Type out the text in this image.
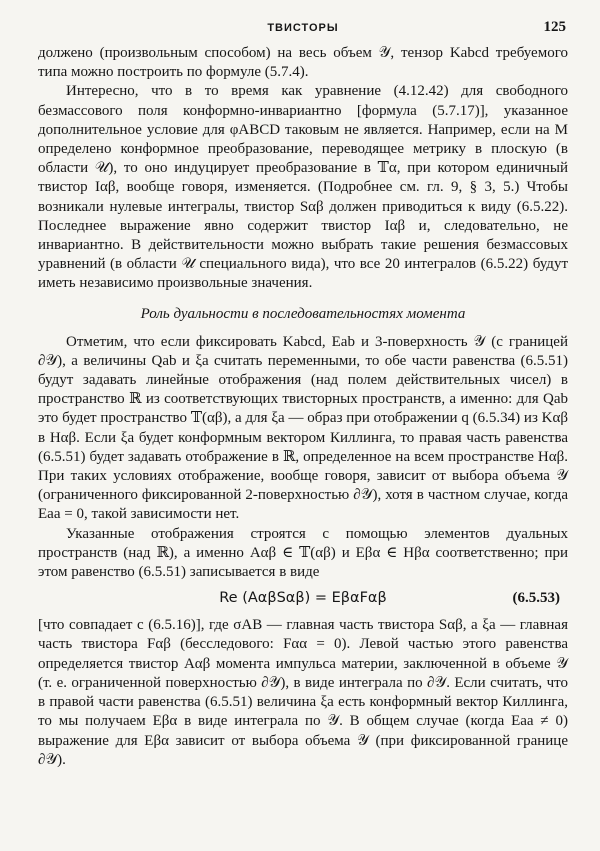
ТВИСТОРЫ	125

должено (произвольным способом) на весь объем 𝒴, тензор Kabcd требуемого типа можно построить по формуле (5.7.4).

Интересно, что в то время как уравнение (4.12.42) для свободного безмассового поля конформно-инвариантно [формула (5.7.17)], указанное дополнительное условие для φABCD таковым не является. Например, если на M определено конформное преобразование, переводящее метрику в плоскую (в области 𝒰), то оно индуцирует преобразование в 𝕋α, при котором единичный твистор Iαβ, вообще говоря, изменяется. (Подробнее см. гл. 9, § 3, 5.) Чтобы возникали нулевые интегралы, твистор Sαβ должен приводиться к виду (6.5.22). Последнее выражение явно содержит твистор Iαβ и, следовательно, не инвариантно. В действительности можно выбрать такие решения безмассовых уравнений (в области 𝒰 специального вида), что все 20 интегралов (6.5.22) будут иметь независимо произвольные значения.

Роль дуальности в последовательностях момента

Отметим, что если фиксировать Kabcd, Eab и 3-поверхность 𝒴 (с границей ∂𝒴), а величины Qab и ξa считать переменными, то обе части равенства (6.5.51) будут задавать линейные отображения (над полем действительных чисел) в пространство ℝ из соответствующих твисторных пространств, а именно: для Qab это будет пространство 𝕋(αβ), а для ξa — образ при отображении q (6.5.34) из Kαβ в Hαβ. Если ξa будет конформным вектором Киллинга, то правая часть равенства (6.5.51) будет задавать отображение в ℝ, определенное на всем пространстве Hαβ. При таких условиях отображение, вообще говоря, зависит от выбора объема 𝒴 (ограниченного фиксированной 2-поверхностью ∂𝒴), хотя в частном случае, когда Eaa = 0, такой зависимости нет.

Указанные отображения строятся с помощью элементов дуальных пространств (над ℝ), а именно Aαβ ∈ 𝕋(αβ) и Eβα ∈ Hβα соответственно; при этом равенство (6.5.51) записывается в виде

Re (AαβSαβ) = EβαFαβ	(6.5.53)

[что совпадает с (6.5.16)], где σAB — главная часть твистора Sαβ, а ξa — главная часть твистора Fαβ (бесследового: Fαα = 0). Левой частью этого равенства определяется твистор Aαβ момента импульса материи, заключенной в объеме 𝒴 (т. е. ограниченной поверхностью ∂𝒴), в виде интеграла по ∂𝒴. Если считать, что в правой части равенства (6.5.51) величина ξa есть конформный вектор Киллинга, то мы получаем Eβα в виде интеграла по 𝒴. В общем случае (когда Eaa ≠ 0) выражение для Eβα зависит от выбора объема 𝒴 (при фиксированной границе ∂𝒴).
